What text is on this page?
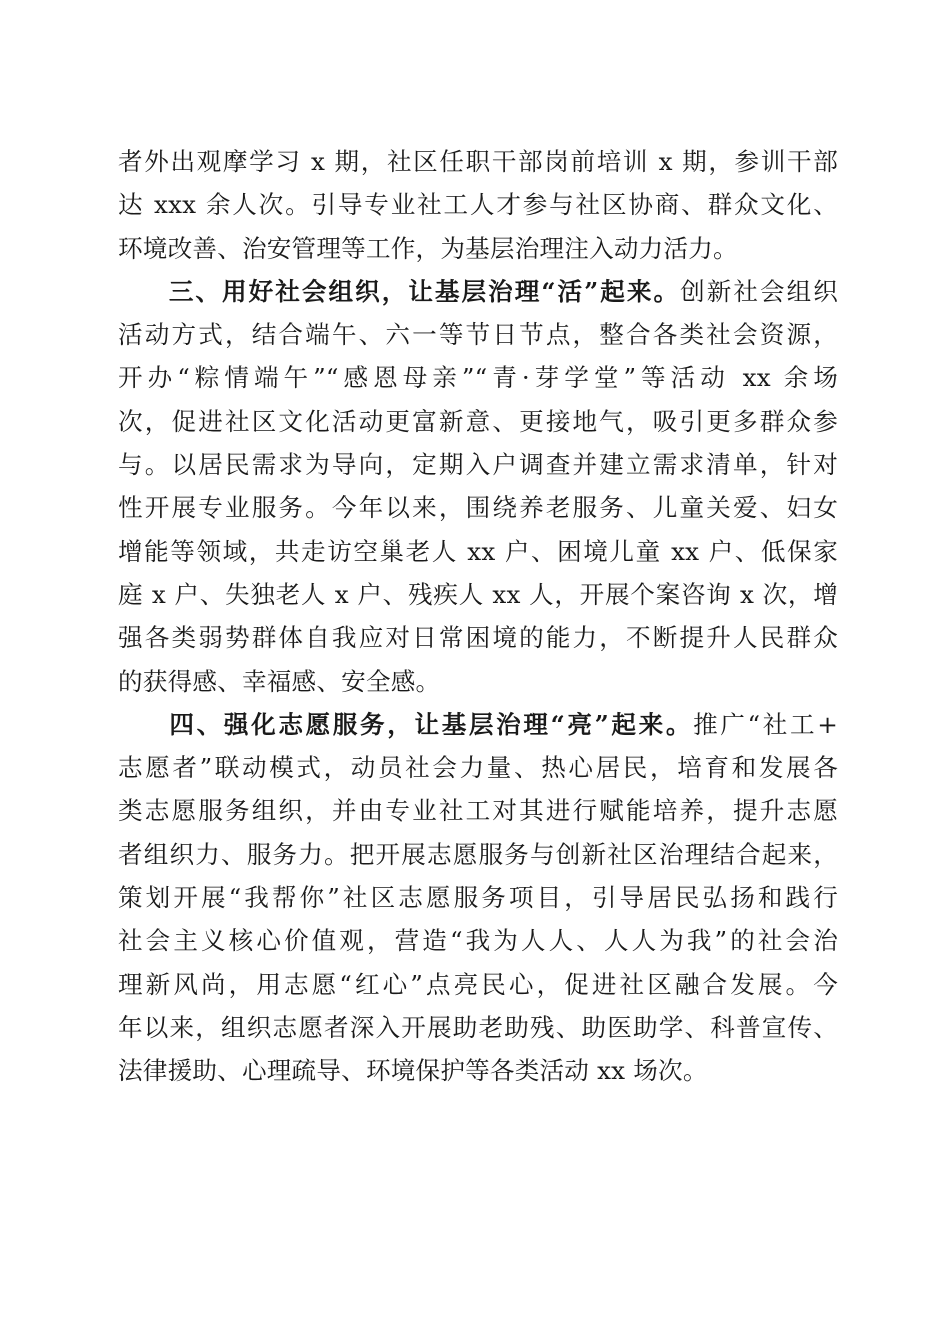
者外出观摩学习 x 期，社区任职干部岗前培训 x 期，参训干部
达 xxx 余人次。引导专业社工人才参与社区协商、群众文化、
环境改善、治安管理等工作，为基层治理注入动力活力。
三、用好社会组织，让基层治理“活”起来。创新社会组织
活动方式，结合端午、六一等节日节点，整合各类社会资源，
开办“粽情端午”“感恩母亲”“青·芽学堂”等活动 xx 余场
次，促进社区文化活动更富新意、更接地气，吸引更多群众参
与。以居民需求为导向，定期入户调查并建立需求清单，针对
性开展专业服务。今年以来，围绕养老服务、儿童关爱、妇女
增能等领域，共走访空巢老人 xx 户、困境儿童 xx 户、低保家
庭 x 户、失独老人 x 户、残疾人 xx 人，开展个案咨询 x 次，增
强各类弱势群体自我应对日常困境的能力，不断提升人民群众
的获得感、幸福感、安全感。
四、强化志愿服务，让基层治理“亮”起来。推广“社工+
志愿者”联动模式，动员社会力量、热心居民，培育和发展各
类志愿服务组织，并由专业社工对其进行赋能培养，提升志愿
者组织力、服务力。把开展志愿服务与创新社区治理结合起来，
策划开展“我帮你”社区志愿服务项目，引导居民弘扬和践行
社会主义核心价值观，营造“我为人人、人人为我”的社会治
理新风尚，用志愿“红心”点亮民心，促进社区融合发展。今
年以来，组织志愿者深入开展助老助残、助医助学、科普宣传、
法律援助、心理疏导、环境保护等各类活动 xx 场次。
